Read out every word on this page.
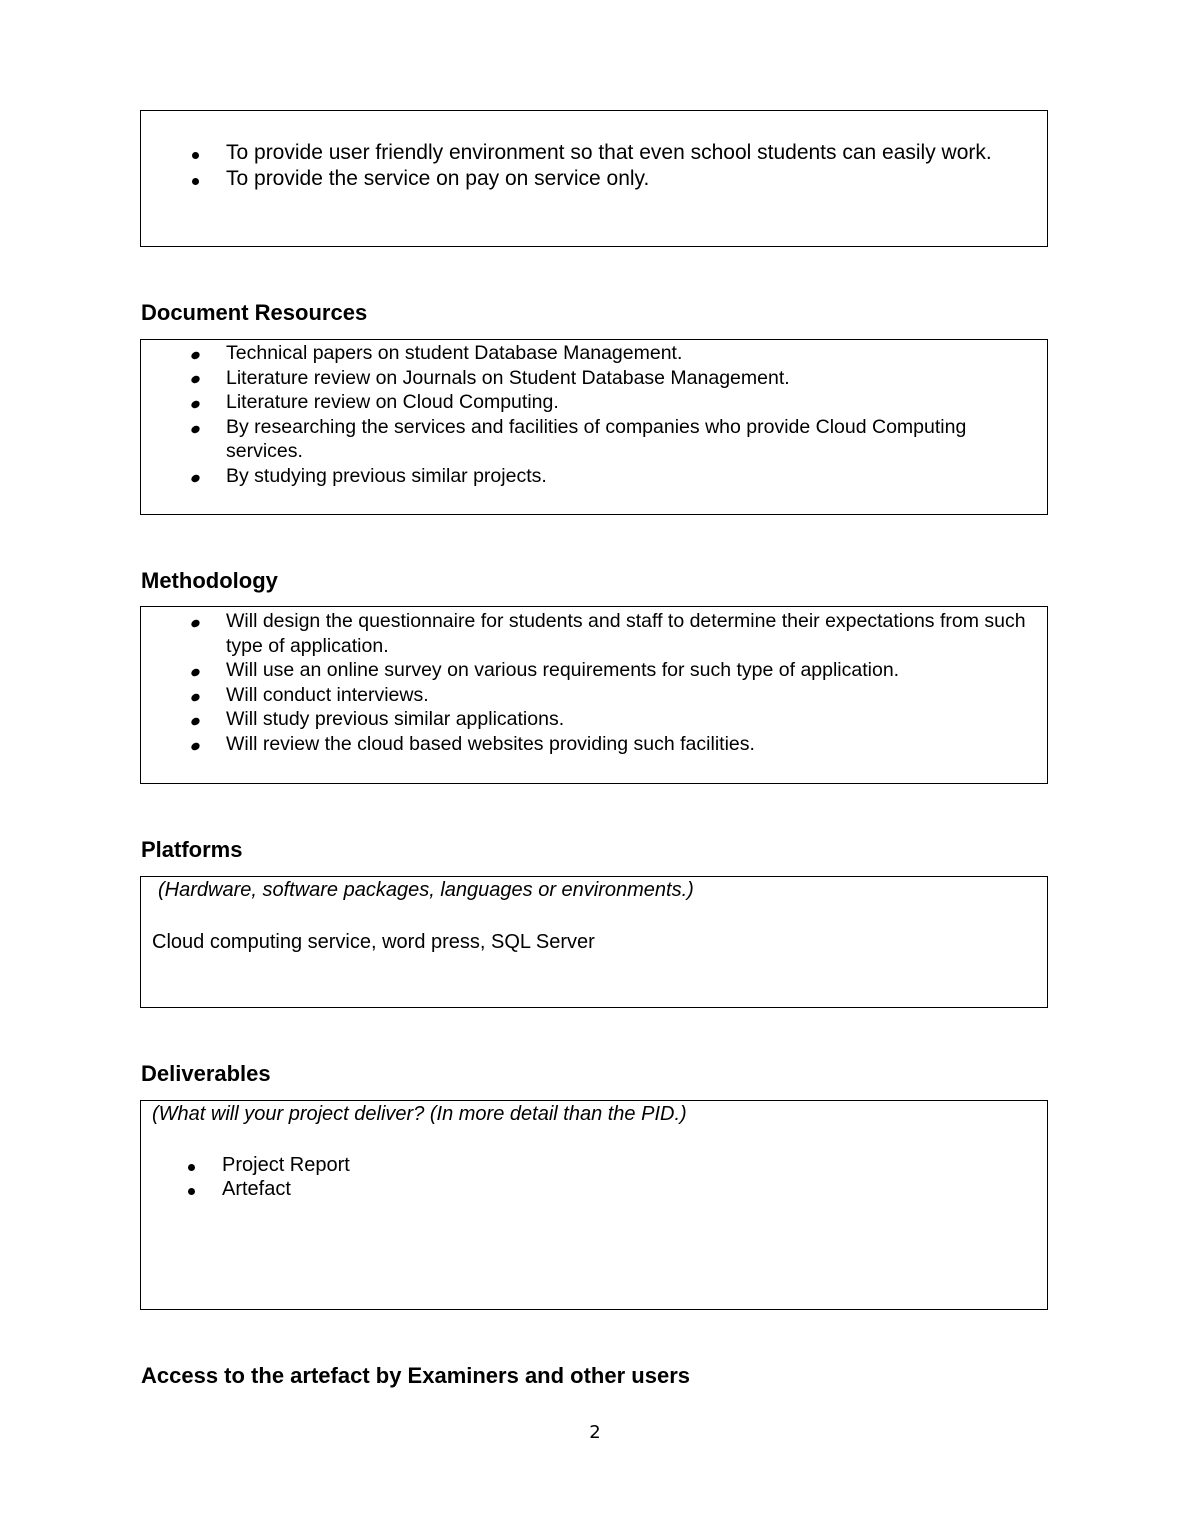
To provide user friendly environment so that even school students can easily work.
To provide the service on pay on service only.
Document Resources
Technical papers on student Database Management.
Literature review on Journals on Student Database Management.
Literature review on Cloud Computing.
By researching the services and facilities of companies who provide Cloud Computing services.
By studying previous similar projects.
Methodology
Will design the questionnaire for students and staff to determine their expectations from such type of application.
Will use an online survey on various requirements for such type of application.
Will conduct interviews.
Will study previous similar applications.
Will review the cloud based websites providing such facilities.
Platforms
(Hardware, software packages, languages or environments.)
Cloud computing service, word press, SQL Server
Deliverables
(What will your project deliver? (In more detail than the PID.)
Project Report
Artefact
Access to the artefact by Examiners and other users
2
